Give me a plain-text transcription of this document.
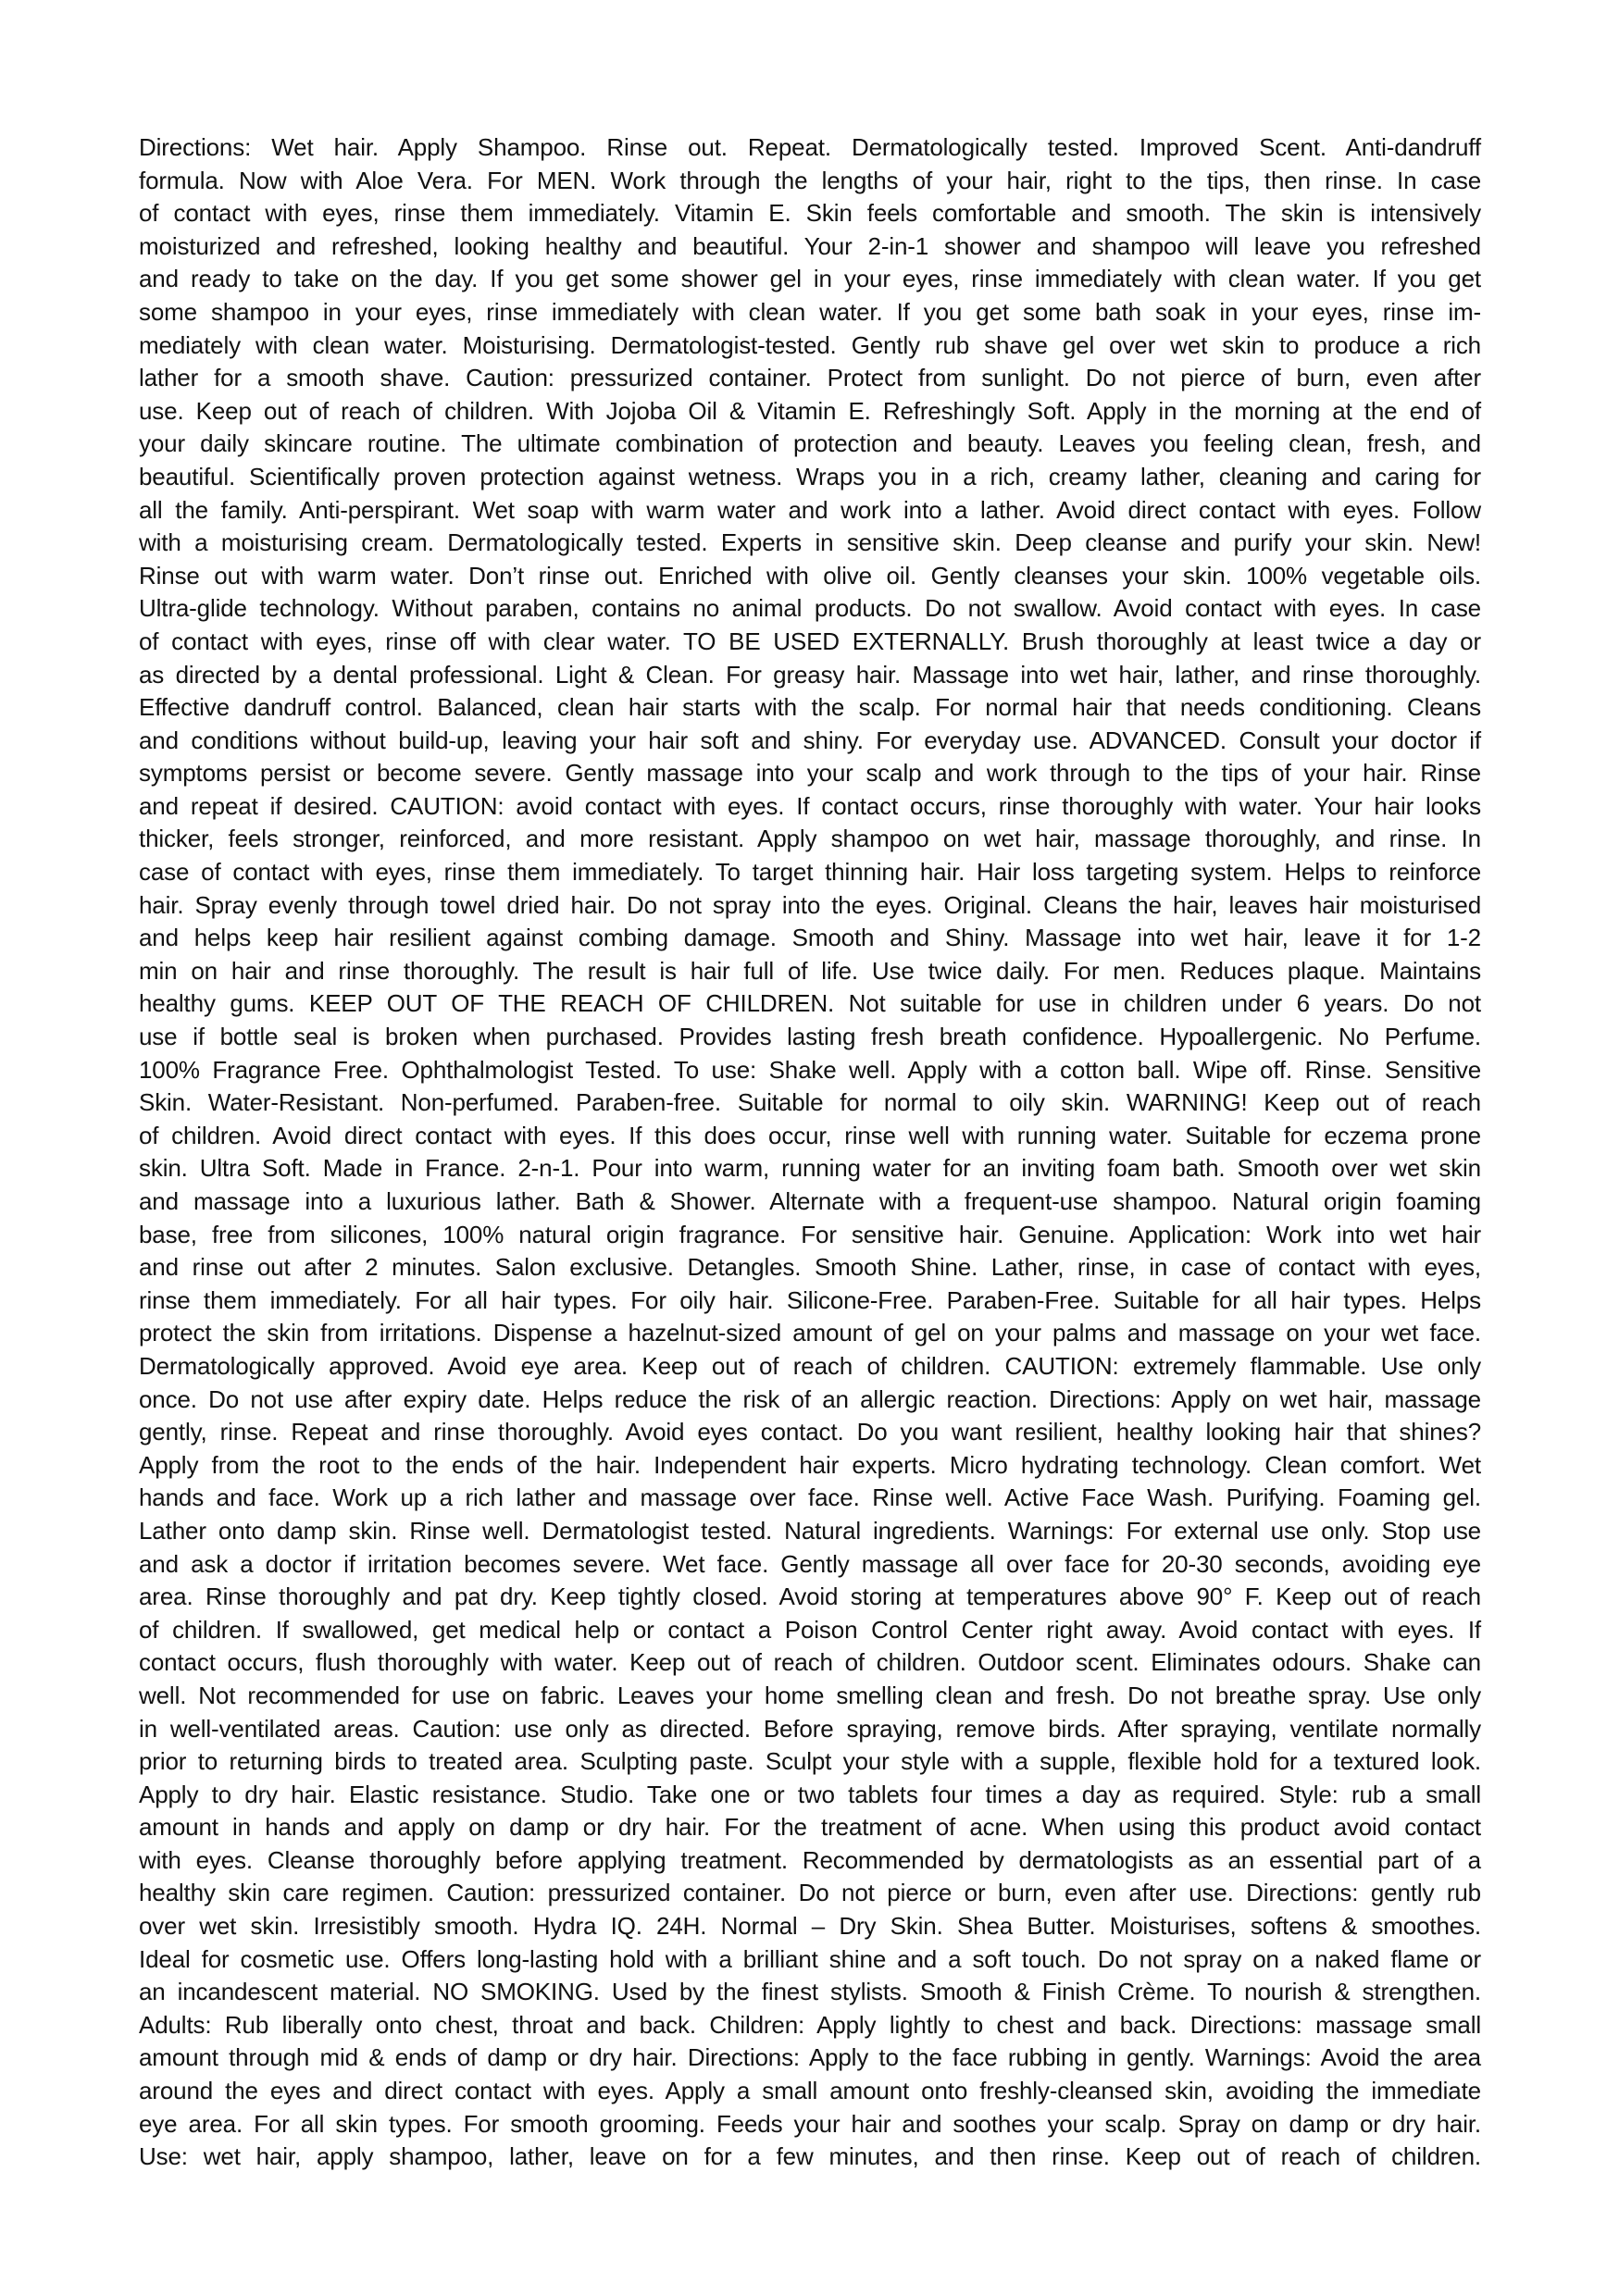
Directions: Wet hair. Apply Shampoo. Rinse out. Repeat. Dermatologically tested. Improved Scent. Anti-dandruff
formula. Now with Aloe Vera. For MEN. Work through the lengths of your hair, right to the tips, then rinse. In case
of contact with eyes, rinse them immediately. Vitamin E. Skin feels comfortable and smooth. The skin is intensively
moisturized and refreshed, looking healthy and beautiful. Your 2-in-1 shower and shampoo will leave you refreshed
and ready to take on the day. If you get some shower gel in your eyes, rinse immediately with clean water. If you get
some shampoo in your eyes, rinse immediately with clean water. If you get some bath soak in your eyes, rinse im-
mediately with clean water. Moisturising. Dermatologist-tested. Gently rub shave gel over wet skin to produce a rich
lather for a smooth shave. Caution: pressurized container. Protect from sunlight. Do not pierce of burn, even after
use. Keep out of reach of children. With Jojoba Oil & Vitamin E. Refreshingly Soft. Apply in the morning at the end of
your daily skincare routine. The ultimate combination of protection and beauty. Leaves you feeling clean, fresh, and
beautiful. Scientifically proven protection against wetness. Wraps you in a rich, creamy lather, cleaning and caring for
all the family. Anti-perspirant. Wet soap with warm water and work into a lather. Avoid direct contact with eyes. Follow
with a moisturising cream. Dermatologically tested. Experts in sensitive skin. Deep cleanse and purify your skin. New!
Rinse out with warm water. Don’t rinse out. Enriched with olive oil. Gently cleanses your skin. 100% vegetable oils.
Ultra-glide technology. Without paraben, contains no animal products. Do not swallow. Avoid contact with eyes. In case
of contact with eyes, rinse off with clear water. TO BE USED EXTERNALLY. Brush thoroughly at least twice a day or
as directed by a dental professional. Light & Clean. For greasy hair. Massage into wet hair, lather, and rinse thoroughly.
Effective dandruff control. Balanced, clean hair starts with the scalp. For normal hair that needs conditioning. Cleans
and conditions without build-up, leaving your hair soft and shiny. For everyday use. ADVANCED. Consult your doctor if
symptoms persist or become severe. Gently massage into your scalp and work through to the tips of your hair. Rinse
and repeat if desired. CAUTION: avoid contact with eyes. If contact occurs, rinse thoroughly with water. Your hair looks
thicker, feels stronger, reinforced, and more resistant. Apply shampoo on wet hair, massage thoroughly, and rinse. In
case of contact with eyes, rinse them immediately. To target thinning hair. Hair loss targeting system. Helps to reinforce
hair. Spray evenly through towel dried hair. Do not spray into the eyes. Original. Cleans the hair, leaves hair moisturised
and helps keep hair resilient against combing damage. Smooth and Shiny. Massage into wet hair, leave it for 1-2
min on hair and rinse thoroughly. The result is hair full of life. Use twice daily. For men. Reduces plaque. Maintains
healthy gums. KEEP OUT OF THE REACH OF CHILDREN. Not suitable for use in children under 6 years. Do not
use if bottle seal is broken when purchased. Provides lasting fresh breath confidence. Hypoallergenic. No Perfume.
100% Fragrance Free. Ophthalmologist Tested. To use: Shake well. Apply with a cotton ball. Wipe off. Rinse. Sensitive
Skin. Water-Resistant. Non-perfumed. Paraben-free. Suitable for normal to oily skin. WARNING! Keep out of reach
of children. Avoid direct contact with eyes. If this does occur, rinse well with running water. Suitable for eczema prone
skin. Ultra Soft. Made in France. 2-n-1. Pour into warm, running water for an inviting foam bath. Smooth over wet skin
and massage into a luxurious lather. Bath & Shower. Alternate with a frequent-use shampoo. Natural origin foaming
base, free from silicones, 100% natural origin fragrance. For sensitive hair. Genuine. Application: Work into wet hair
and rinse out after 2 minutes. Salon exclusive. Detangles. Smooth Shine. Lather, rinse, in case of contact with eyes,
rinse them immediately. For all hair types. For oily hair. Silicone-Free. Paraben-Free. Suitable for all hair types. Helps
protect the skin from irritations. Dispense a hazelnut-sized amount of gel on your palms and massage on your wet face.
Dermatologically approved. Avoid eye area. Keep out of reach of children. CAUTION: extremely flammable. Use only
once. Do not use after expiry date. Helps reduce the risk of an allergic reaction. Directions: Apply on wet hair, massage
gently, rinse. Repeat and rinse thoroughly. Avoid eyes contact. Do you want resilient, healthy looking hair that shines?
Apply from the root to the ends of the hair. Independent hair experts. Micro hydrating technology. Clean comfort. Wet
hands and face. Work up a rich lather and massage over face. Rinse well. Active Face Wash. Purifying. Foaming gel.
Lather onto damp skin. Rinse well. Dermatologist tested. Natural ingredients. Warnings: For external use only. Stop use
and ask a doctor if irritation becomes severe. Wet face. Gently massage all over face for 20-30 seconds, avoiding eye
area. Rinse thoroughly and pat dry. Keep tightly closed. Avoid storing at temperatures above 90° F. Keep out of reach
of children. If swallowed, get medical help or contact a Poison Control Center right away. Avoid contact with eyes. If
contact occurs, flush thoroughly with water. Keep out of reach of children. Outdoor scent. Eliminates odours. Shake can
well. Not recommended for use on fabric. Leaves your home smelling clean and fresh. Do not breathe spray. Use only
in well-ventilated areas. Caution: use only as directed. Before spraying, remove birds. After spraying, ventilate normally
prior to returning birds to treated area. Sculpting paste. Sculpt your style with a supple, flexible hold for a textured look.
Apply to dry hair. Elastic resistance. Studio. Take one or two tablets four times a day as required. Style: rub a small
amount in hands and apply on damp or dry hair. For the treatment of acne. When using this product avoid contact
with eyes. Cleanse thoroughly before applying treatment. Recommended by dermatologists as an essential part of a
healthy skin care regimen. Caution: pressurized container. Do not pierce or burn, even after use. Directions: gently rub
over wet skin. Irresistibly smooth. Hydra IQ. 24H. Normal – Dry Skin. Shea Butter. Moisturises, softens & smoothes.
Ideal for cosmetic use. Offers long-lasting hold with a brilliant shine and a soft touch. Do not spray on a naked flame or
an incandescent material. NO SMOKING. Used by the finest stylists. Smooth & Finish Crème. To nourish & strengthen.
Adults: Rub liberally onto chest, throat and back. Children: Apply lightly to chest and back. Directions: massage small
amount through mid & ends of damp or dry hair. Directions: Apply to the face rubbing in gently. Warnings: Avoid the area
around the eyes and direct contact with eyes. Apply a small amount onto freshly-cleansed skin, avoiding the immediate
eye area. For all skin types. For smooth grooming. Feeds your hair and soothes your scalp. Spray on damp or dry hair.
Use: wet hair, apply shampoo, lather, leave on for a few minutes, and then rinse. Keep out of reach of children.
